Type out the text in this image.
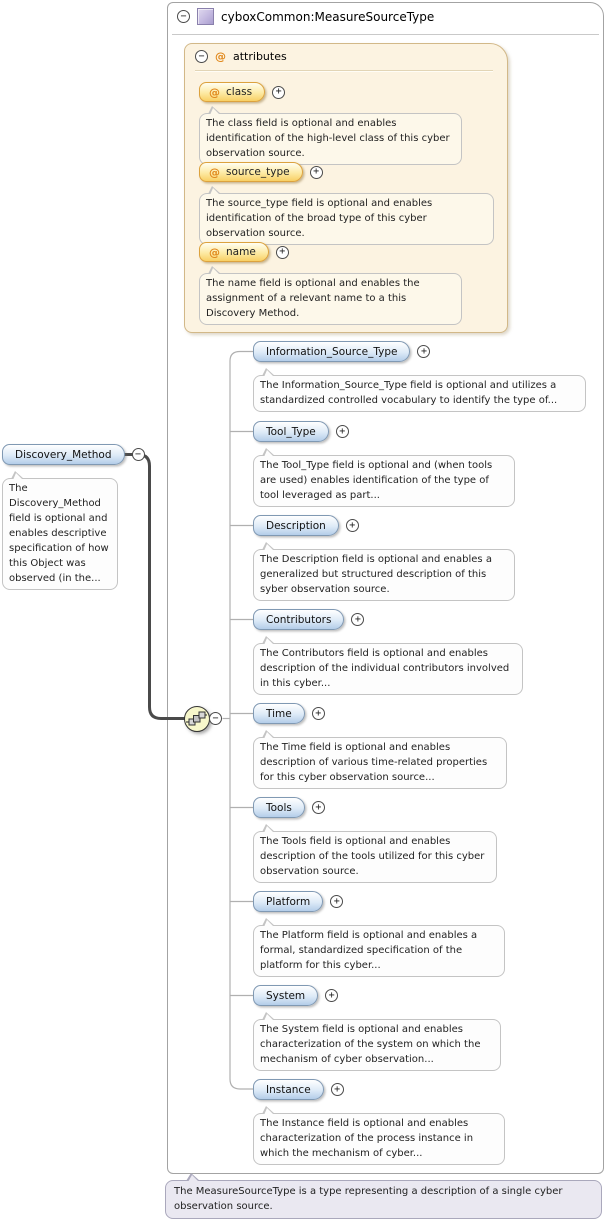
−	cyboxCommon:MeasureSourceType
− @ attributes
@ class	+
The class field is optional and enables identification of the high-level class of this cyber observation source.
@ source_type	+
The source_type field is optional and enables identification of the broad type of this cyber observation source.
@ name	+
The name field is optional and enables the assignment of a relevant name to a this Discovery Method.
Discovery_Method	−
The Discovery_Method field is optional and enables descriptive specification of how this Object was observed (in the...
−
Information_Source_Type	+
The Information_Source_Type field is optional and utilizes a standardized controlled vocabulary to identify the type of...
Tool_Type	+
The Tool_Type field is optional and (when tools are used) enables identification of the type of tool leveraged as part...
Description	+
The Description field is optional and enables a generalized but structured description of this syber observation source.
Contributors	+
The Contributors field is optional and enables description of the individual contributors involved in this cyber...
Time	+
The Time field is optional and enables description of various time-related properties for this cyber observation source...
Tools	+
The Tools field is optional and enables description of the tools utilized for this cyber observation source.
Platform	+
The Platform field is optional and enables a formal, standardized specification of the platform for this cyber...
System	+
The System field is optional and enables characterization of the system on which the mechanism of cyber observation...
Instance	+
The Instance field is optional and enables characterization of the process instance in which the mechanism of cyber...
The MeasureSourceType is a type representing a description of a single cyber observation source.
